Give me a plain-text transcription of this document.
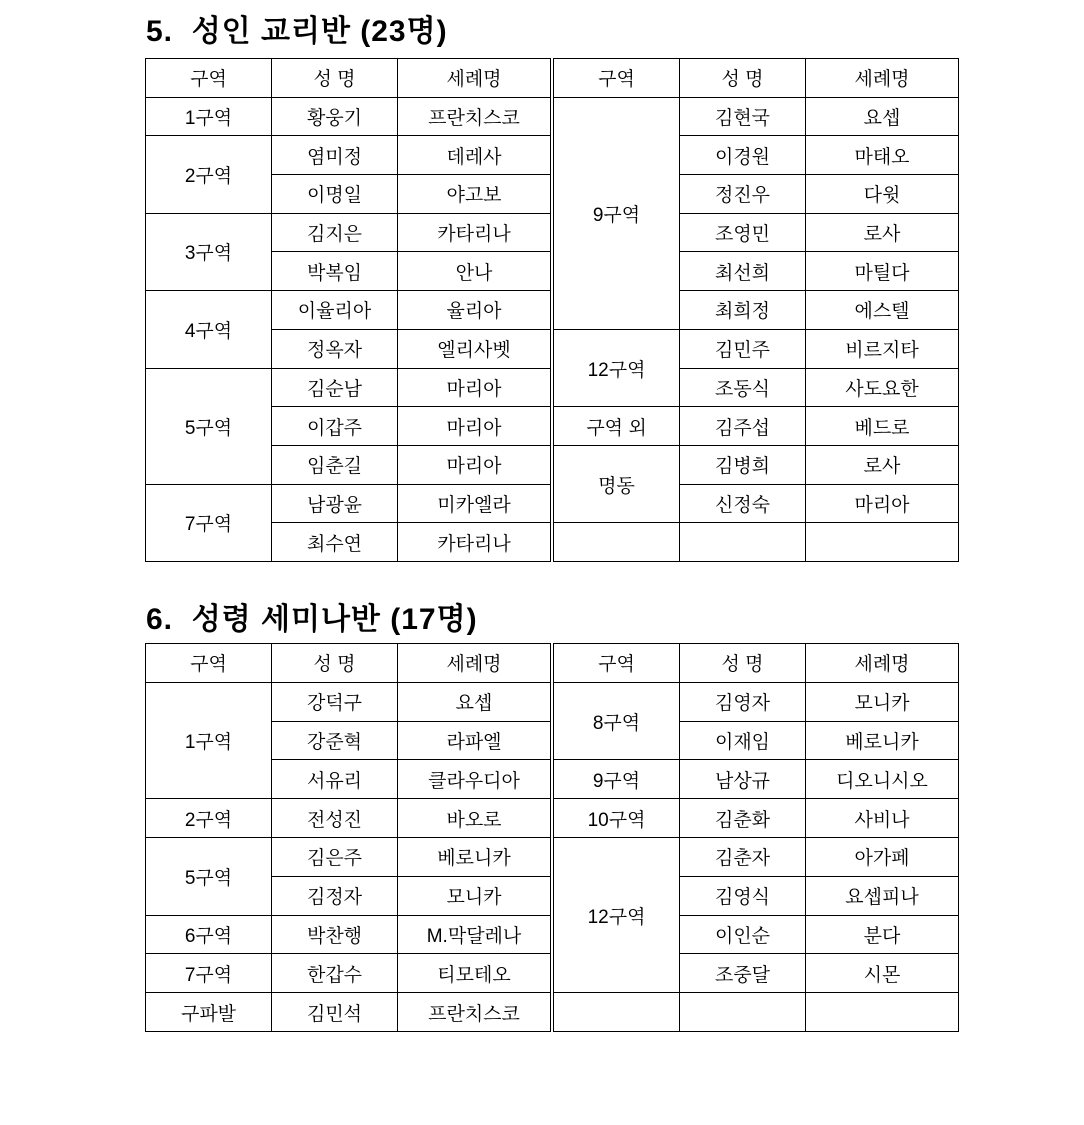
5.  성인 교리반 (23명)
구역	성 명	세례명
1구역	황웅기	프란치스코
2구역	염미정	데레사
	이명일	야고보
3구역	김지은	카타리나
	박복임	안나
4구역	이율리아	율리아
	정옥자	엘리사벳
5구역	김순남	마리아
	이갑주	마리아
	임춘길	마리아
7구역	남광윤	미카엘라
	최수연	카타리나
구역	성 명	세례명
9구역	김현국	요셉
	이경원	마태오
	정진우	다윗
	조영민	로사
	최선희	마틸다
	최희정	에스텔
12구역	김민주	비르지타
	조동식	사도요한
구역 외	김주섭	베드로
명동	김병희	로사
	신정숙	마리아

6.  성령 세미나반 (17명)
구역	성 명	세례명
1구역	강덕구	요셉
	강준혁	라파엘
	서유리	클라우디아
2구역	전성진	바오로
5구역	김은주	베로니카
	김정자	모니카
6구역	박찬행	M.막달레나
7구역	한갑수	티모테오
구파발	김민석	프란치스코
구역	성 명	세례명
8구역	김영자	모니카
	이재임	베로니카
9구역	남상규	디오니시오
10구역	김춘화	사비나
12구역	김춘자	아가페
	김영식	요셉피나
	이인순	분다
	조중달	시몬
